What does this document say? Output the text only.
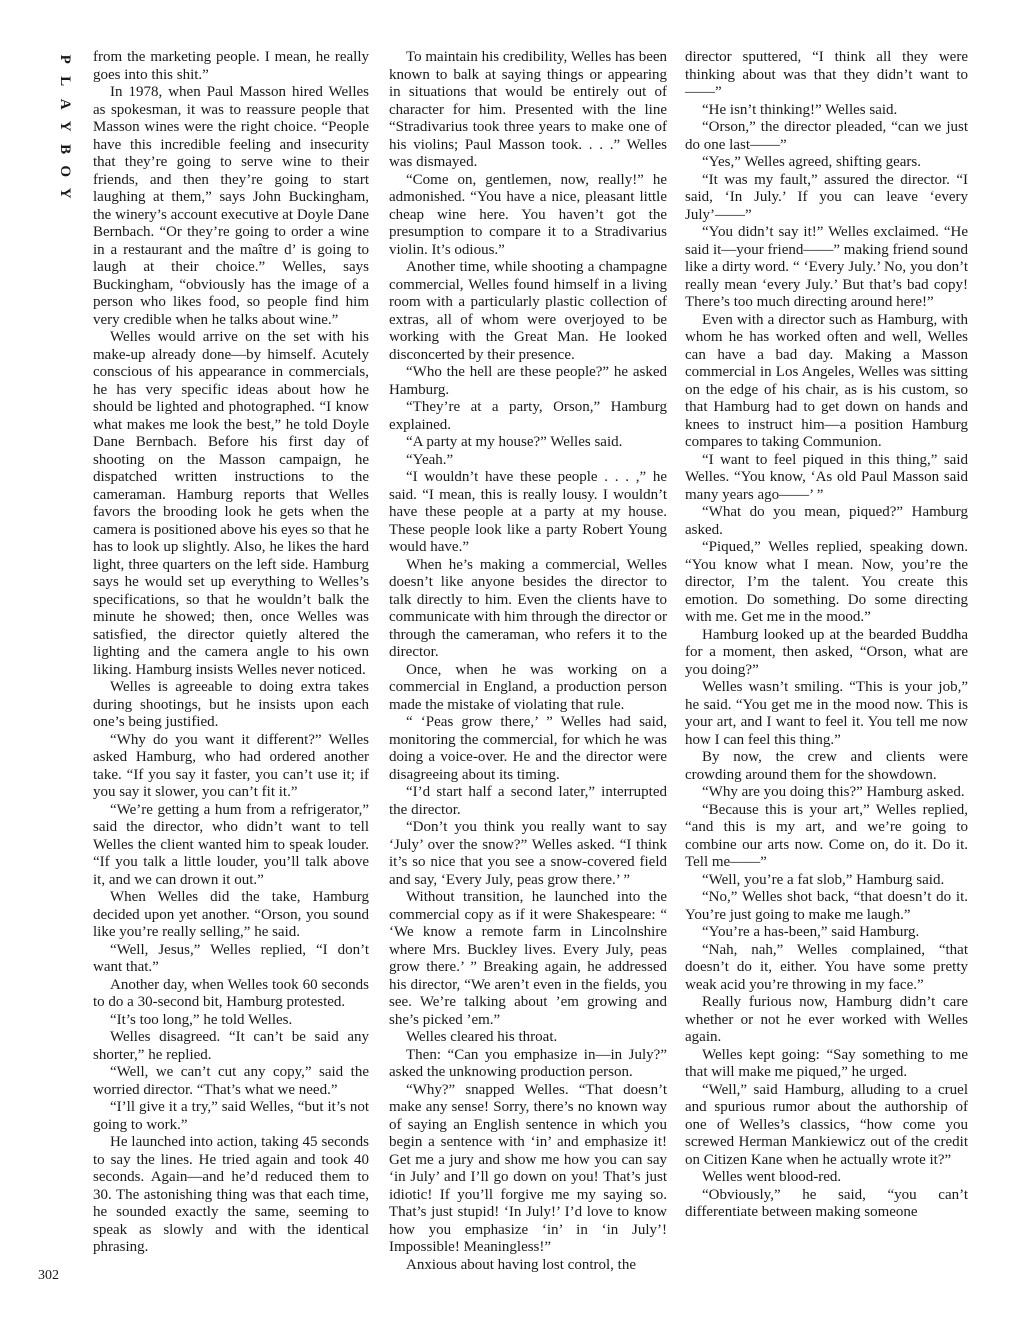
P
L
A
Y
B
O
Y

from the marketing people. I mean, he really goes into this shit.”

In 1978, when Paul Masson hired Welles as spokesman, it was to reassure people that Masson wines were the right choice. “People have this incredible feeling and insecurity that they’re going to serve wine to their friends, and then they’re going to start laughing at them,” says John Buckingham, the winery’s account executive at Doyle Dane Bernbach. “Or they’re going to order a wine in a restaurant and the maître d’ is going to laugh at their choice.” Welles, says Buckingham, “obviously has the image of a person who likes food, so people find him very credible when he talks about wine.”

Welles would arrive on the set with his make-up already done—by himself. Acutely conscious of his appearance in commercials, he has very specific ideas about how he should be lighted and photographed. “I know what makes me look the best,” he told Doyle Dane Bernbach. Before his first day of shooting on the Masson campaign, he dispatched written instructions to the cameraman. Hamburg reports that Welles favors the brooding look he gets when the camera is positioned above his eyes so that he has to look up slightly. Also, he likes the hard light, three quarters on the left side. Hamburg says he would set up everything to Welles’s specifications, so that he wouldn’t balk the minute he showed; then, once Welles was satisfied, the director quietly altered the lighting and the camera angle to his own liking. Hamburg insists Welles never noticed.

Welles is agreeable to doing extra takes during shootings, but he insists upon each one’s being justified.

“Why do you want it different?” Welles asked Hamburg, who had ordered another take. “If you say it faster, you can’t use it; if you say it slower, you can’t fit it.”

“We’re getting a hum from a refrigerator,” said the director, who didn’t want to tell Welles the client wanted him to speak louder. “If you talk a little louder, you’ll talk above it, and we can drown it out.”

When Welles did the take, Hamburg decided upon yet another. “Orson, you sound like you’re really selling,” he said.

“Well, Jesus,” Welles replied, “I don’t want that.”

Another day, when Welles took 60 seconds to do a 30-second bit, Hamburg protested.

“It’s too long,” he told Welles.

Welles disagreed. “It can’t be said any shorter,” he replied.

“Well, we can’t cut any copy,” said the worried director. “That’s what we need.”

“I’ll give it a try,” said Welles, “but it’s not going to work.”

He launched into action, taking 45 seconds to say the lines. He tried again and took 40 seconds. Again—and he’d reduced them to 30. The astonishing thing was that each time, he sounded exactly the same, seeming to speak as slowly and with the identical phrasing.

To maintain his credibility, Welles has been known to balk at saying things or appearing in situations that would be entirely out of character for him. Presented with the line “Stradivarius took three years to make one of his violins; Paul Masson took. . . .” Welles was dismayed.

“Come on, gentlemen, now, really!” he admonished. “You have a nice, pleasant little cheap wine here. You haven’t got the presumption to compare it to a Stradivarius violin. It’s odious.”

Another time, while shooting a champagne commercial, Welles found himself in a living room with a particularly plastic collection of extras, all of whom were overjoyed to be working with the Great Man. He looked disconcerted by their presence.

“Who the hell are these people?” he asked Hamburg.

“They’re at a party, Orson,” Hamburg explained.

“A party at my house?” Welles said.

“Yeah.”

“I wouldn’t have these people . . . ,” he said. “I mean, this is really lousy. I wouldn’t have these people at a party at my house. These people look like a party Robert Young would have.”

When he’s making a commercial, Welles doesn’t like anyone besides the director to talk directly to him. Even the clients have to communicate with him through the director or through the cameraman, who refers it to the director.

Once, when he was working on a commercial in England, a production person made the mistake of violating that rule.

“ ‘Peas grow there,’ ” Welles had said, monitoring the commercial, for which he was doing a voice-over. He and the director were disagreeing about its timing.

“I’d start half a second later,” interrupted the director.

“Don’t you think you really want to say ‘July’ over the snow?” Welles asked. “I think it’s so nice that you see a snow-covered field and say, ‘Every July, peas grow there.’ ”

Without transition, he launched into the commercial copy as if it were Shakespeare: “ ‘We know a remote farm in Lincolnshire where Mrs. Buckley lives. Every July, peas grow there.’ ” Breaking again, he addressed his director, “We aren’t even in the fields, you see. We’re talking about ’em growing and she’s picked ’em.”

Welles cleared his throat.

Then: “Can you emphasize in—in July?” asked the unknowing production person.

“Why?” snapped Welles. “That doesn’t make any sense! Sorry, there’s no known way of saying an English sentence in which you begin a sentence with ‘in’ and emphasize it! Get me a jury and show me how you can say ‘in July’ and I’ll go down on you! That’s just idiotic! If you’ll forgive me my saying so. That’s just stupid! ‘In July!’ I’d love to know how you emphasize ‘in’ in ‘in July’! Impossible! Meaningless!”

Anxious about having lost control, the

director sputtered, “I think all they were thinking about was that they didn’t want to——”

“He isn’t thinking!” Welles said.

“Orson,” the director pleaded, “can we just do one last——”

“Yes,” Welles agreed, shifting gears.

“It was my fault,” assured the director. “I said, ‘In July.’ If you can leave ‘every July’——”

“You didn’t say it!” Welles exclaimed. “He said it—your friend——” making friend sound like a dirty word. “ ‘Every July.’ No, you don’t really mean ‘every July.’ But that’s bad copy! There’s too much directing around here!”

Even with a director such as Hamburg, with whom he has worked often and well, Welles can have a bad day. Making a Masson commercial in Los Angeles, Welles was sitting on the edge of his chair, as is his custom, so that Hamburg had to get down on hands and knees to instruct him—a position Hamburg compares to taking Communion.

“I want to feel piqued in this thing,” said Welles. “You know, ‘As old Paul Masson said many years ago——’ ”

“What do you mean, piqued?” Hamburg asked.

“Piqued,” Welles replied, speaking down. “You know what I mean. Now, you’re the director, I’m the talent. You create this emotion. Do something. Do some directing with me. Get me in the mood.”

Hamburg looked up at the bearded Buddha for a moment, then asked, “Orson, what are you doing?”

Welles wasn’t smiling. “This is your job,” he said. “You get me in the mood now. This is your art, and I want to feel it. You tell me now how I can feel this thing.”

By now, the crew and clients were crowding around them for the showdown.

“Why are you doing this?” Hamburg asked.

“Because this is your art,” Welles replied, “and this is my art, and we’re going to combine our arts now. Come on, do it. Do it. Tell me——”

“Well, you’re a fat slob,” Hamburg said.

“No,” Welles shot back, “that doesn’t do it. You’re just going to make me laugh.”

“You’re a has-been,” said Hamburg.

“Nah, nah,” Welles complained, “that doesn’t do it, either. You have some pretty weak acid you’re throwing in my face.”

Really furious now, Hamburg didn’t care whether or not he ever worked with Welles again.

Welles kept going: “Say something to me that will make me piqued,” he urged.

“Well,” said Hamburg, alluding to a cruel and spurious rumor about the authorship of one of Welles’s classics, “how come you screwed Herman Mankiewicz out of the credit on Citizen Kane when he actually wrote it?”

Welles went blood-red.

“Obviously,” he said, “you can’t differentiate between making someone

302
